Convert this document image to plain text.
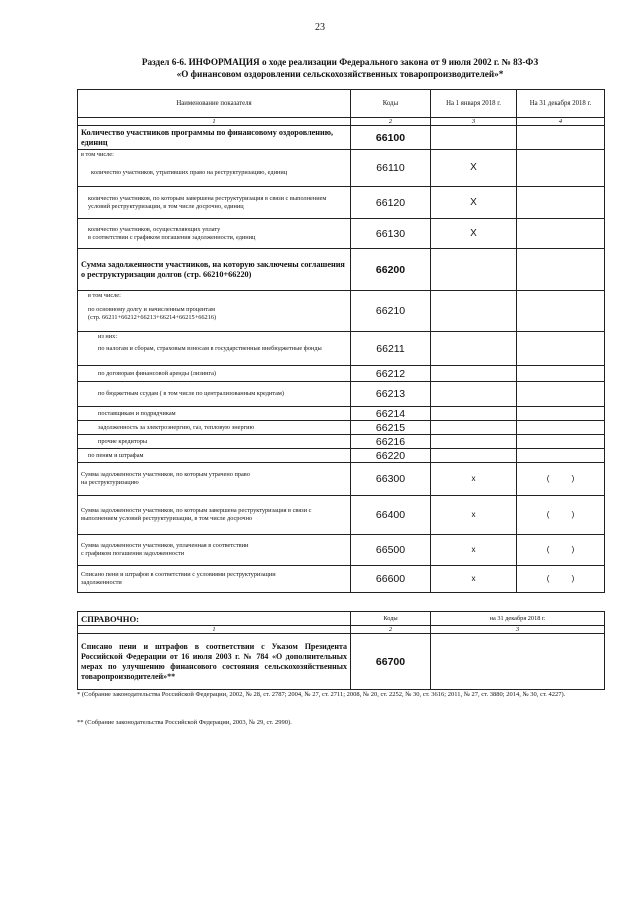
23
Раздел 6-6. ИНФОРМАЦИЯ о ходе реализации Федерального закона от 9 июля 2002 г. № 83-ФЗ
«О финансовом оздоровлении сельскохозяйственных товаропроизводителей»*
Наименование показателя	Коды	На 1 января 2018 г.	На 31 декабря 2018 г.
1	2	3	4
Количество участников программы по финансовому оздоровлению, единиц	66100		

в том числе:
количество участников, утративших право на реструктуризацию, единиц	66110	Х	
количество участников, по которым завершена реструктуризация в связи с выполнением условий реструктуризации, в том числе досрочно, единиц	66120	Х	

количество участников, осуществляющих уплату
в соответствии с графиком погашения задолженности, единиц	66130	Х	
Сумма задолженности участников, на которую заключены соглашения о реструктуризации долгов (стр. 66210+66220)	66200		

в том числе:
по основному долгу и начисленным процентам
(стр. 66211+66212+66213+66214+66215+66216)	66210		

из них:
по налогам и сборам, страховым взносам в государственные внебюджетные фонды	66211		
по договорам финансовой аренды (лизинга)	66212		
по бюджетным ссудам ( в том числе по централизованным кредитам)	66213		
поставщикам и подрядчикам	66214		
задолженность за электроэнергию, газ, тепловую энергию	66215		
прочие кредиторы	66216		
по пеням и штрафам	66220		

Сумма задолженности участников, по которым утрачено право
на реструктуризацию	66300	х	(          )
Сумма задолженности участников, по которым завершена реструктуризация в связи с выполнением условий реструктуризации, в том числе досрочно	66400	х	(          )

Сумма задолженности участников, уплаченная в соответствии
с графиком погашения задолженности	66500	х	(          )

Списано пени и штрафов в соответствии с условиями реструктуризации
задолженности	66600	х	(          )
СПРАВОЧНО:	Коды	на 31 декабря 2018 г.
1	2	3
Списано пени и штрафов в соответствии с Указом Президента Российской Федерации от 16 июля 2003 г. № 784 «О дополнительных мерах по улучшению финансового состояния сельскохозяйственных товаропроизводителей»**	66700	
* (Собрание законодательства Российской Федерации, 2002, № 28, ст. 2787; 2004, № 27, ст. 2711; 2008, № 20, ст. 2252, № 30, ст. 3616; 2011, № 27, ст. 3880; 2014, № 30, ст. 4227).
** (Собрание законодательства Российской Федерации, 2003, № 29, ст. 2990).
